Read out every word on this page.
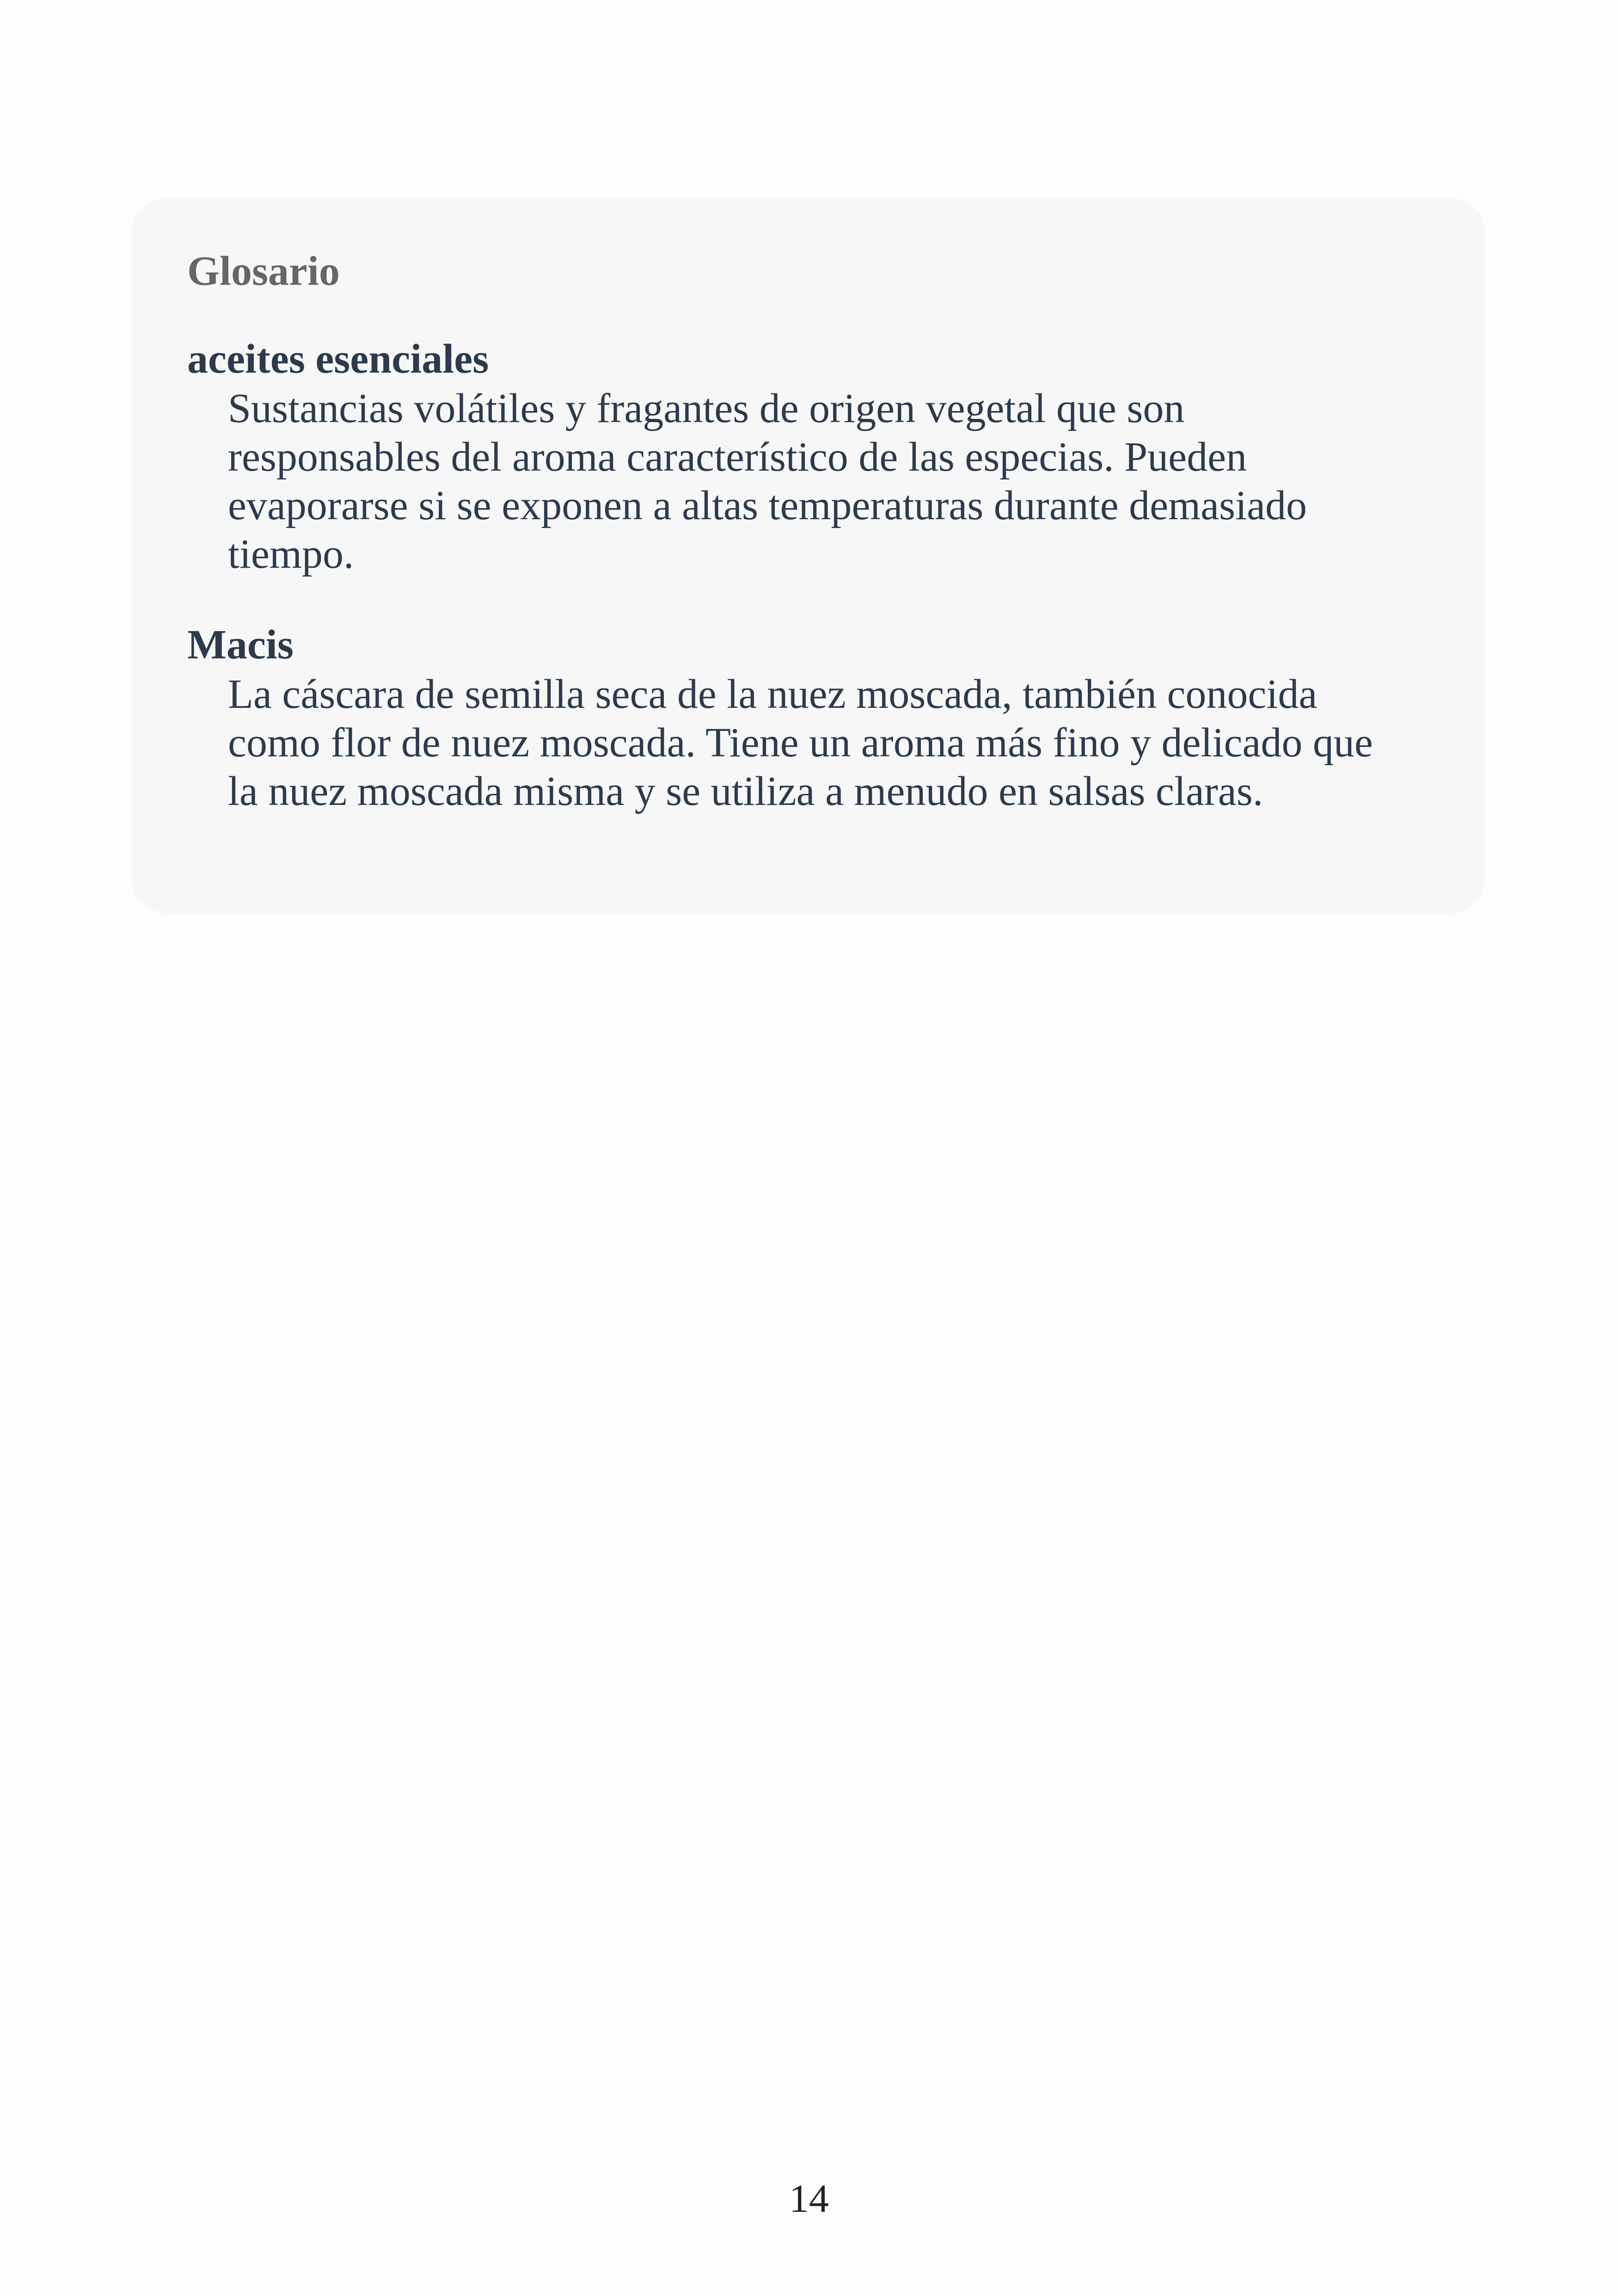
Glosario
aceites esenciales
Sustancias volátiles y fragantes de origen vegetal que son
responsables del aroma característico de las especias. Pueden
evaporarse si se exponen a altas temperaturas durante demasiado
tiempo.
Macis
La cáscara de semilla seca de la nuez moscada, también conocida
como flor de nuez moscada. Tiene un aroma más fino y delicado que
la nuez moscada misma y se utiliza a menudo en salsas claras.
14
